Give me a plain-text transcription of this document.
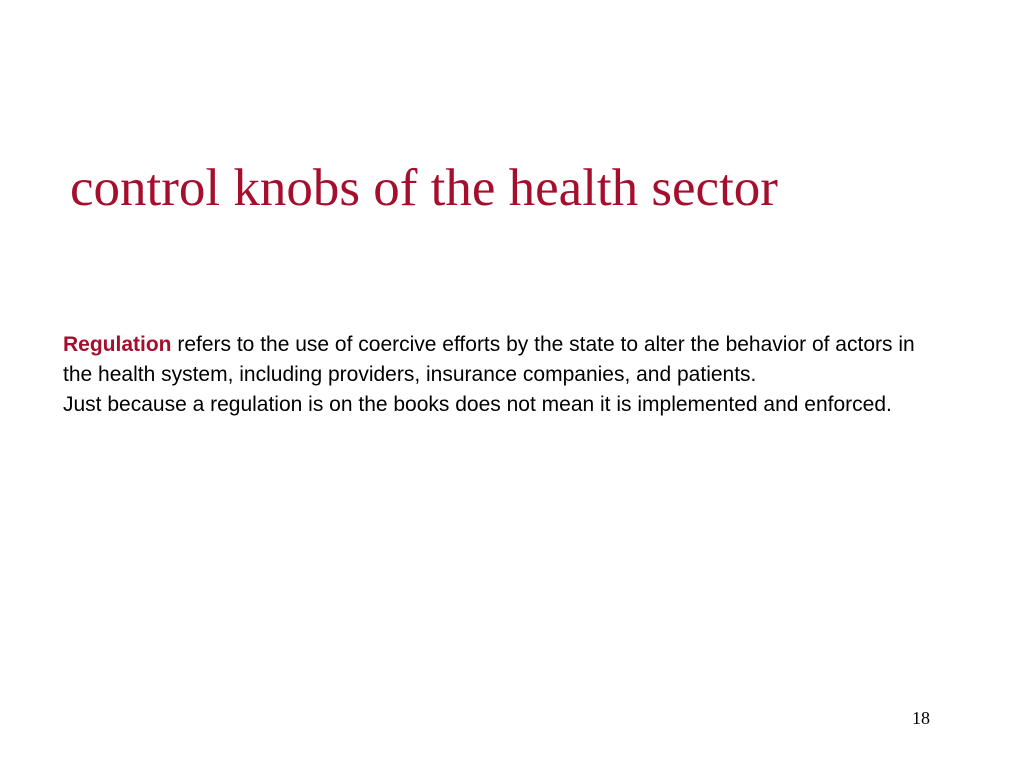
control knobs of the health sector

Regulation refers to the use of coercive efforts by the state to alter the behavior of actors in the health system, including providers, insurance companies, and patients.

Just because a regulation is on the books does not mean it is implemented and enforced.

18
